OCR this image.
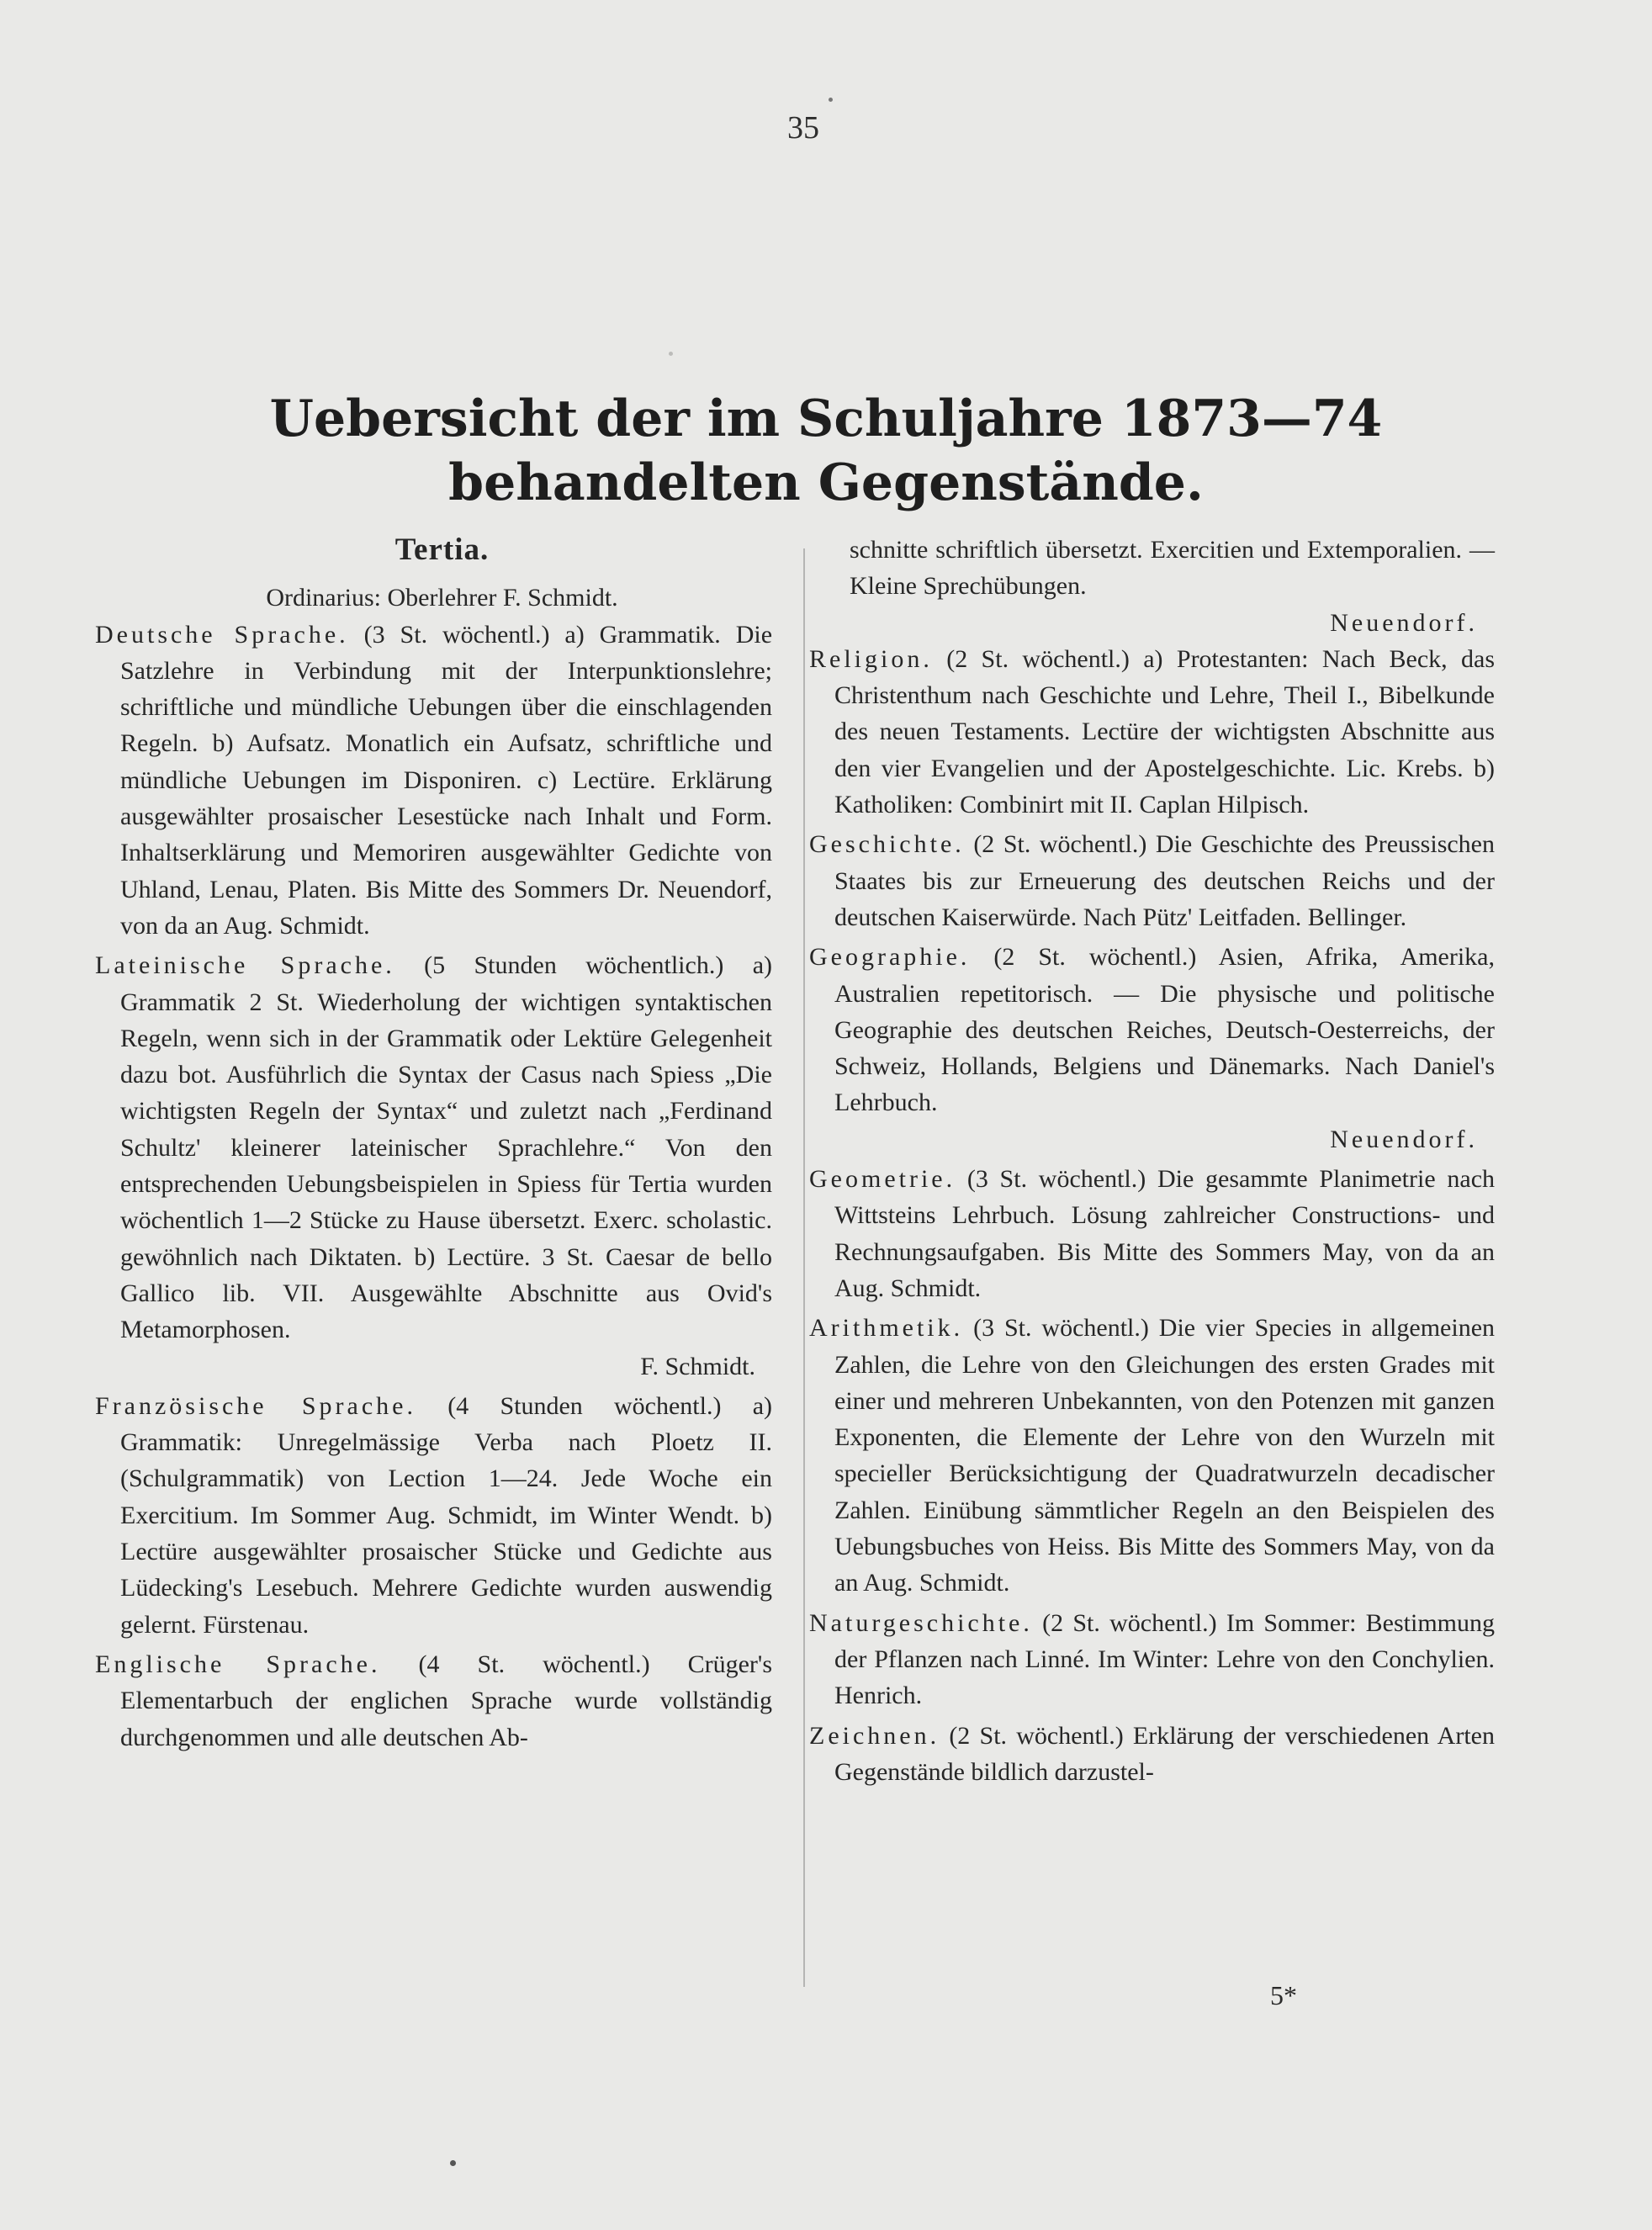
35
Uebersicht der im Schuljahre 1873—74 behandelten Gegenstände.
Tertia.
Ordinarius: Oberlehrer F. Schmidt.

Deutsche Sprache. (3 St. wöchentl.) a) Grammatik. Die Satzlehre in Verbindung mit der Interpunktionslehre; schriftliche und mündliche Uebungen über die einschlagenden Regeln. b) Aufsatz. Monatlich ein Aufsatz, schriftliche und mündliche Uebungen im Disponiren. c) Lectüre. Erklärung ausgewählter prosaischer Lesestücke nach Inhalt und Form. Inhaltserklärung und Memoriren ausgewählter Gedichte von Uhland, Lenau, Platen. Bis Mitte des Sommers Dr. Neuendorf, von da an Aug. Schmidt.

Lateinische Sprache. (5 Stunden wöchentlich.) a) Grammatik 2 St. Wiederholung der wichtigen syntaktischen Regeln, wenn sich in der Grammatik oder Lektüre Gelegenheit dazu bot. Ausführlich die Syntax der Casus nach Spiess „Die wichtigsten Regeln der Syntax“ und zuletzt nach „Ferdinand Schultz' kleinerer lateinischer Sprachlehre.“ Von den entsprechenden Uebungsbeispielen in Spiess für Tertia wurden wöchentlich 1—2 Stücke zu Hause übersetzt. Exerc. scholastic. gewöhnlich nach Diktaten. b) Lectüre. 3 St. Caesar de bello Gallico lib. VII. Ausgewählte Abschnitte aus Ovid's Metamorphosen.

F. Schmidt.

Französische Sprache. (4 Stunden wöchentl.) a) Grammatik: Unregelmässige Verba nach Ploetz II. (Schulgrammatik) von Lection 1—24. Jede Woche ein Exercitium. Im Sommer Aug. Schmidt, im Winter Wendt. b) Lectüre ausgewählter prosaischer Stücke und Gedichte aus Lüdecking's Lesebuch. Mehrere Gedichte wurden auswendig gelernt. Fürstenau.

Englische Sprache. (4 St. wöchentl.) Crüger's Elementarbuch der englichen Sprache wurde vollständig durchgenommen und alle deutschen Ab-

schnitte schriftlich übersetzt. Exercitien und Extemporalien. — Kleine Sprechübungen.

Neuendorf.

Religion. (2 St. wöchentl.) a) Protestanten: Nach Beck, das Christenthum nach Geschichte und Lehre, Theil I., Bibelkunde des neuen Testaments. Lectüre der wichtigsten Abschnitte aus den vier Evangelien und der Apostelgeschichte. Lic. Krebs. b) Katholiken: Combinirt mit II. Caplan Hilpisch.

Geschichte. (2 St. wöchentl.) Die Geschichte des Preussischen Staates bis zur Erneuerung des deutschen Reichs und der deutschen Kaiserwürde. Nach Pütz' Leitfaden. Bellinger.

Geographie. (2 St. wöchentl.) Asien, Afrika, Amerika, Australien repetitorisch. — Die physische und politische Geographie des deutschen Reiches, Deutsch-Oesterreichs, der Schweiz, Hollands, Belgiens und Dänemarks. Nach Daniel's Lehrbuch.

Neuendorf.

Geometrie. (3 St. wöchentl.) Die gesammte Planimetrie nach Wittsteins Lehrbuch. Lösung zahlreicher Constructions- und Rechnungsaufgaben. Bis Mitte des Sommers May, von da an Aug. Schmidt.

Arithmetik. (3 St. wöchentl.) Die vier Species in allgemeinen Zahlen, die Lehre von den Gleichungen des ersten Grades mit einer und mehreren Unbekannten, von den Potenzen mit ganzen Exponenten, die Elemente der Lehre von den Wurzeln mit specieller Berücksichtigung der Quadratwurzeln decadischer Zahlen. Einübung sämmtlicher Regeln an den Beispielen des Uebungsbuches von Heiss. Bis Mitte des Sommers May, von da an Aug. Schmidt.

Naturgeschichte. (2 St. wöchentl.) Im Sommer: Bestimmung der Pflanzen nach Linné. Im Winter: Lehre von den Conchylien. Henrich.

Zeichnen. (2 St. wöchentl.) Erklärung der verschiedenen Arten Gegenstände bildlich darzustel-

5*
